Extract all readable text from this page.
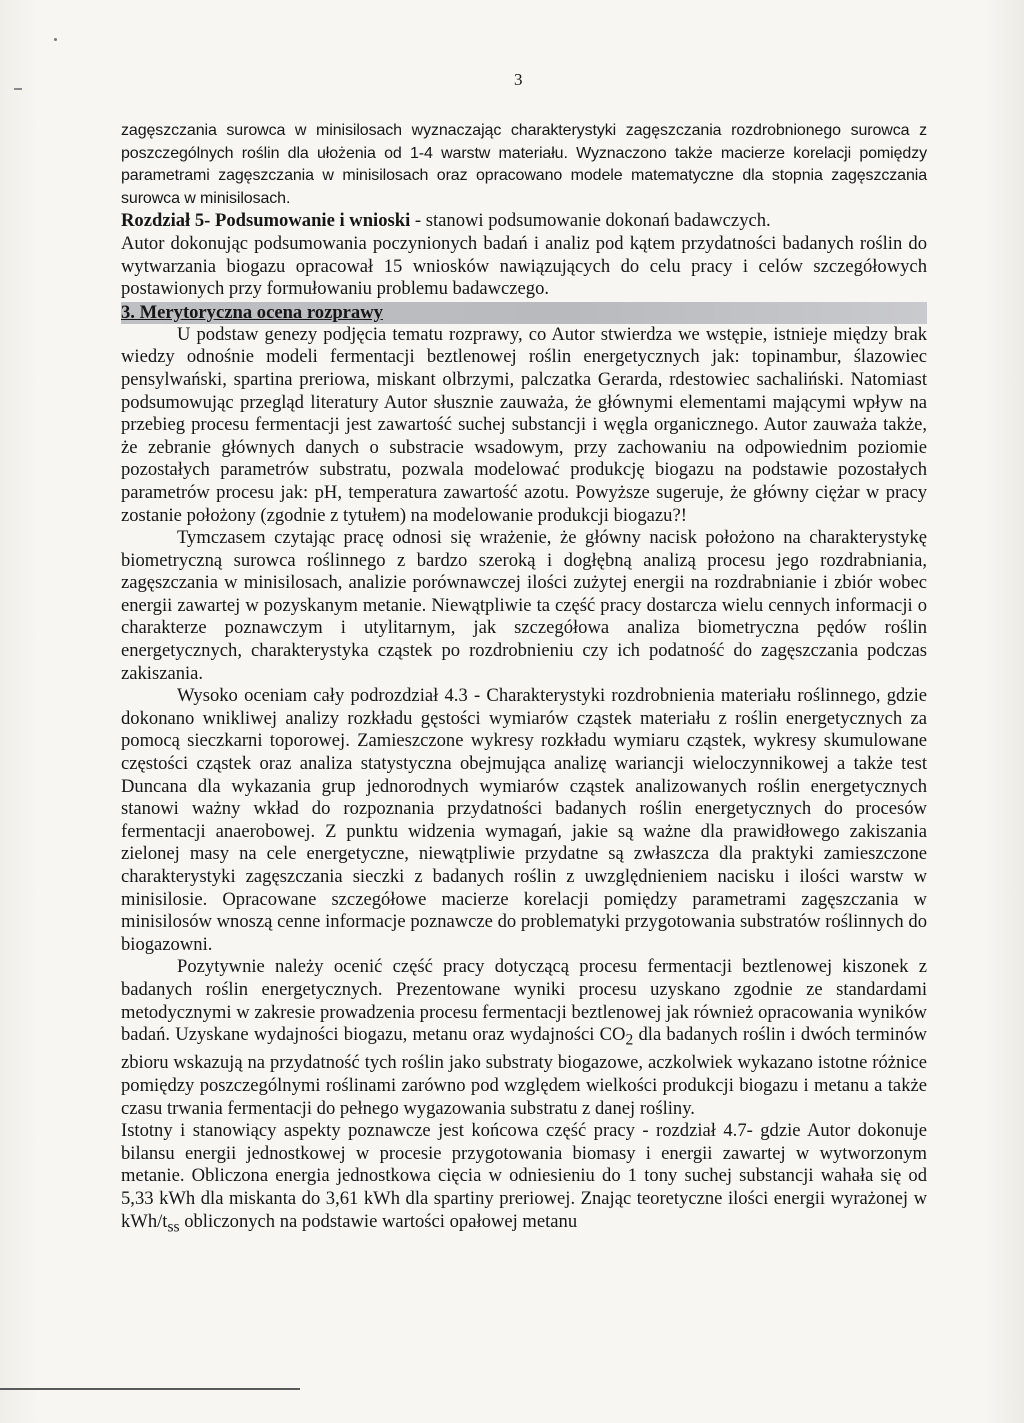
3

zagęszczania surowca w minisilosach wyznaczając charakterystyki zagęszczania rozdrobnionego surowca z poszczególnych roślin dla ułożenia od 1-4 warstw materiału. Wyznaczono także macierze korelacji pomiędzy parametrami zagęszczania w minisilosach oraz opracowano modele matematyczne dla stopnia zagęszczania surowca w minisilosach.

Rozdział 5- Podsumowanie i wnioski - stanowi podsumowanie dokonań badawczych.

Autor dokonując podsumowania poczynionych badań i analiz pod kątem przydatności badanych roślin do wytwarzania biogazu opracował 15 wniosków nawiązujących do celu pracy i celów szczegółowych postawionych przy formułowaniu problemu badawczego.

3. Merytoryczna ocena rozprawy

U podstaw genezy podjęcia tematu rozprawy, co Autor stwierdza we wstępie, istnieje między brak wiedzy odnośnie modeli fermentacji beztlenowej roślin energetycznych jak: topinambur, ślazowiec pensylwański, spartina preriowa, miskant olbrzymi, palczatka Gerarda, rdestowiec sachaliński. Natomiast podsumowując przegląd literatury Autor słusznie zauważa, że głównymi elementami mającymi wpływ na przebieg procesu fermentacji jest zawartość suchej substancji i węgla organicznego. Autor zauważa także, że zebranie głównych danych o substracie wsadowym, przy zachowaniu na odpowiednim poziomie pozostałych parametrów substratu, pozwala modelować produkcję biogazu na podstawie pozostałych parametrów procesu jak: pH, temperatura zawartość azotu. Powyższe sugeruje, że główny ciężar w pracy zostanie położony (zgodnie z tytułem) na modelowanie produkcji biogazu?!

Tymczasem czytając pracę odnosi się wrażenie, że główny nacisk położono na charakterystykę biometryczną surowca roślinnego z bardzo szeroką i dogłębną analizą procesu jego rozdrabniania, zagęszczania w minisilosach, analizie porównawczej ilości zużytej energii na rozdrabnianie i zbiór wobec energii zawartej w pozyskanym metanie. Niewątpliwie ta część pracy dostarcza wielu cennych informacji o charakterze poznawczym i utylitarnym, jak szczegółowa analiza biometryczna pędów roślin energetycznych, charakterystyka cząstek po rozdrobnieniu czy ich podatność do zagęszczania podczas zakiszania.

Wysoko oceniam cały podrozdział 4.3 - Charakterystyki rozdrobnienia materiału roślinnego, gdzie dokonano wnikliwej analizy rozkładu gęstości wymiarów cząstek materiału z roślin energetycznych za pomocą sieczkarni toporowej. Zamieszczone wykresy rozkładu wymiaru cząstek, wykresy skumulowane częstości cząstek oraz analiza statystyczna obejmująca analizę wariancji wieloczynnikowej a także test Duncana dla wykazania grup jednorodnych wymiarów cząstek analizowanych roślin energetycznych stanowi ważny wkład do rozpoznania przydatności badanych roślin energetycznych do procesów fermentacji anaerobowej. Z punktu widzenia wymagań, jakie są ważne dla prawidłowego zakiszania zielonej masy na cele energetyczne, niewątpliwie przydatne są zwłaszcza dla praktyki zamieszczone charakterystyki zagęszczania sieczki z badanych roślin z uwzględnieniem nacisku i ilości warstw w minisilosie. Opracowane szczegółowe macierze korelacji pomiędzy parametrami zagęszczania w minisilosów wnoszą cenne informacje poznawcze do problematyki przygotowania substratów roślinnych do biogazowni.

Pozytywnie należy ocenić część pracy dotyczącą procesu fermentacji beztlenowej kiszonek z badanych roślin energetycznych. Prezentowane wyniki procesu uzyskano zgodnie ze standardami metodycznymi w zakresie prowadzenia procesu fermentacji beztlenowej jak również opracowania wyników badań. Uzyskane wydajności biogazu, metanu oraz wydajności $CO_2$ dla badanych roślin i dwóch terminów zbioru wskazują na przydatność tych roślin jako substraty biogazowe, aczkolwiek wykazano istotne różnice pomiędzy poszczególnymi roślinami zarówno pod względem wielkości produkcji biogazu i metanu a także czasu trwania fermentacji do pełnego wygazowania substratu z danej rośliny.

Istotny i stanowiący aspekty poznawcze jest końcowa część pracy - rozdział 4.7- gdzie Autor dokonuje bilansu energii jednostkowej w procesie przygotowania biomasy i energii zawartej w wytworzonym metanie. Obliczona energia jednostkowa cięcia w odniesieniu do 1 tony suchej substancji wahała się od 5,33 kWh dla miskanta do 3,61 kWh dla spartiny preriowej. Znając teoretyczne ilości energii wyrażonej w kWh/$t_{ss}$ obliczonych na podstawie wartości opałowej metanu
